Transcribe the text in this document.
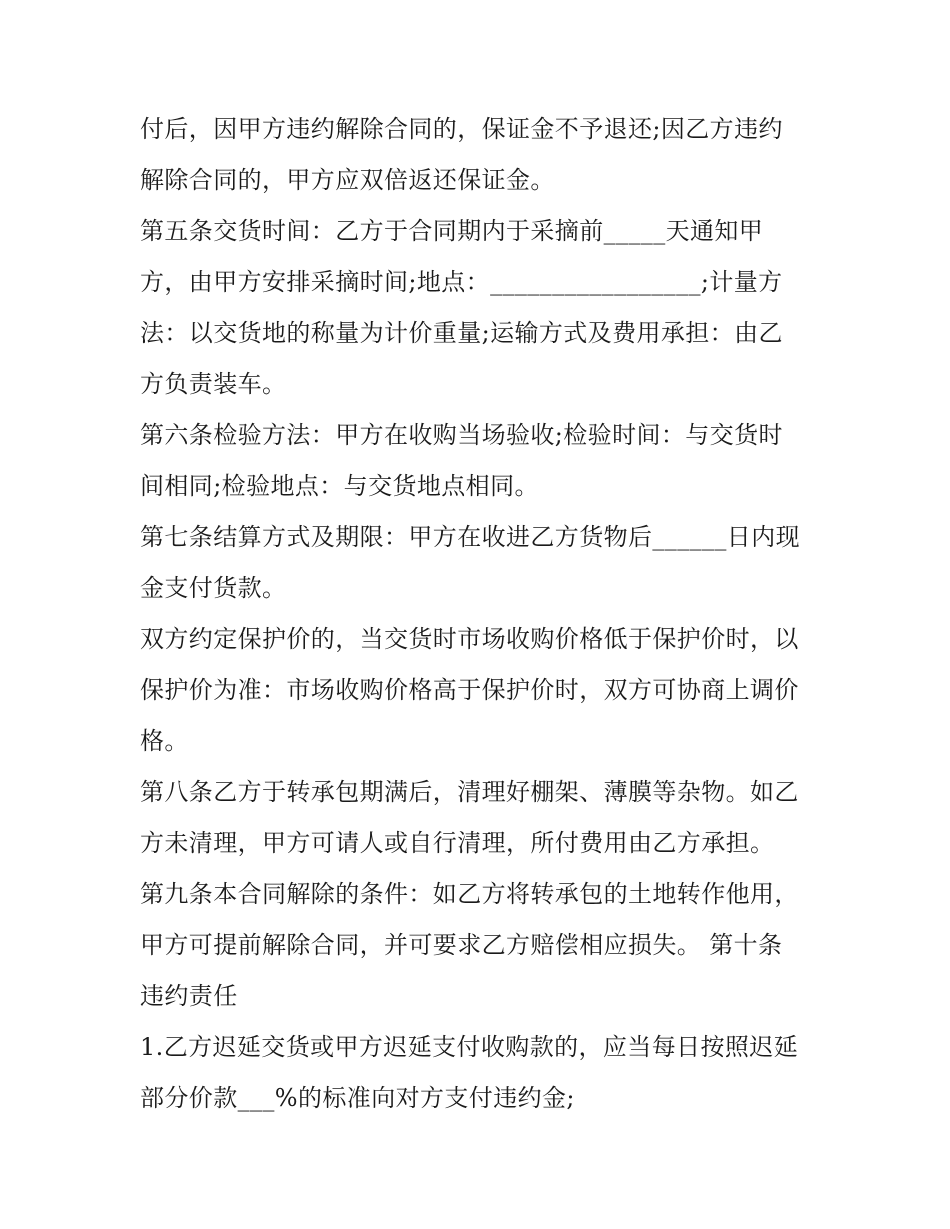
付后，因甲方违约解除合同的，保证金不予退还;因乙方违约
解除合同的，甲方应双倍返还保证金。
第五条交货时间：乙方于合同期内于采摘前_____天通知甲
方，由甲方安排采摘时间;地点：_________________;计量方
法：以交货地的称量为计价重量;运输方式及费用承担：由乙
方负责装车。
第六条检验方法：甲方在收购当场验收;检验时间：与交货时
间相同;检验地点：与交货地点相同。
第七条结算方式及期限：甲方在收进乙方货物后______日内现
金支付货款。
双方约定保护价的，当交货时市场收购价格低于保护价时，以
保护价为准：市场收购价格高于保护价时，双方可协商上调价
格。
第八条乙方于转承包期满后，清理好棚架、薄膜等杂物。如乙
方未清理，甲方可请人或自行清理，所付费用由乙方承担。
第九条本合同解除的条件：如乙方将转承包的土地转作他用，
甲方可提前解除合同，并可要求乙方赔偿相应损失。 第十条
违约责任
1.乙方迟延交货或甲方迟延支付收购款的，应当每日按照迟延
部分价款___%的标准向对方支付违约金;
